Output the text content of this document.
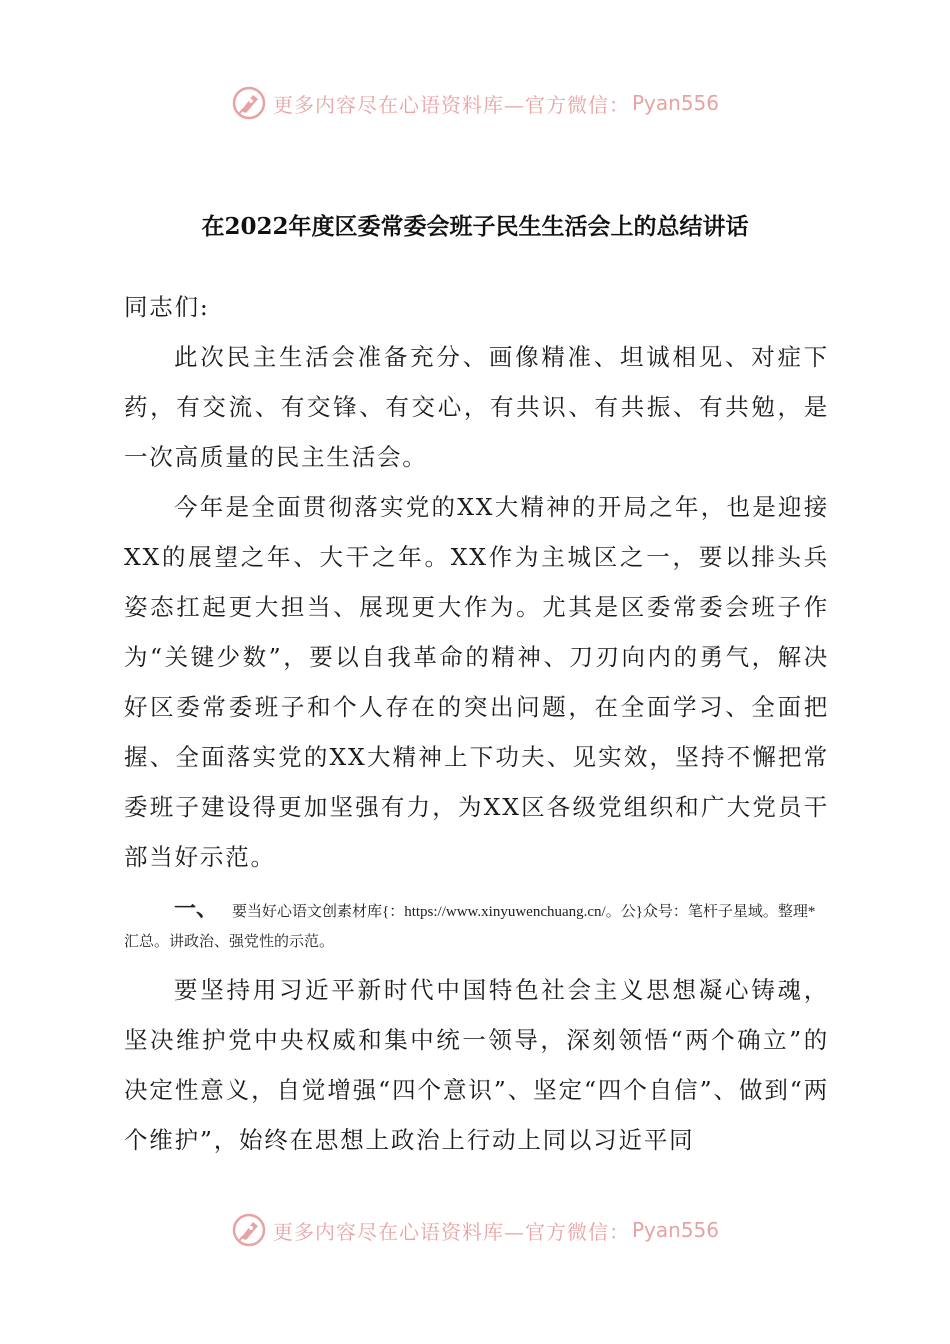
更多内容尽在心语资料库—官方微信： Pyan556
在2022年度区委常委会班子民生生活会上的总结讲话

同志们:

此次民主生活会准备充分、画像精准、坦诚相见、对症下药，有交流、有交锋、有交心，有共识、有共振、有共勉，是一次高质量的民主生活会。

今年是全面贯彻落实党的XX大精神的开局之年，也是迎接XX的展望之年、大干之年。XX作为主城区之一，要以排头兵姿态扛起更大担当、展现更大作为。尤其是区委常委会班子作为“关键少数”，要以自我革命的精神、刀刃向内的勇气，解决好区委常委班子和个人存在的突出问题，在全面学习、全面把握、全面落实党的XX大精神上下功夫、见实效，坚持不懈把常委班子建设得更加坚强有力，为XX区各级党组织和广大党员干部当好示范。

一、 要当好心语文创素材库{：https://www.xinyuwenchuang.cn/。公}众号：笔杆子星域。整理*汇总。讲政治、强党性的示范。

要坚持用习近平新时代中国特色社会主义思想凝心铸魂，坚决维护党中央权威和集中统一领导，深刻领悟“两个确立”的决定性意义，自觉增强“四个意识”、坚定“四个自信”、做到“两个维护”，始终在思想上政治上行动上同以习近平同

更多内容尽在心语资料库—官方微信： Pyan556
